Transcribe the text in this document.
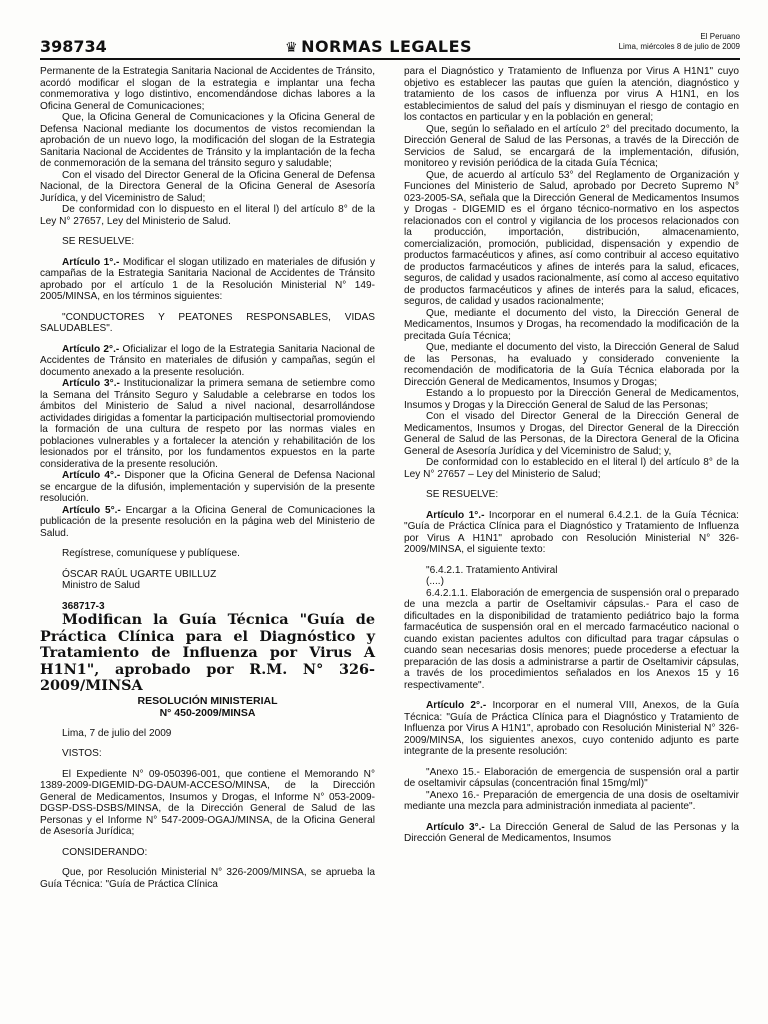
398734	♛ NORMAS LEGALES
El Peruano
Lima, miércoles 8 de julio de 2009

Permanente de la Estrategia Sanitaria Nacional de Accidentes de Tránsito, acordó modificar el slogan de la estrategia e implantar una fecha conmemorativa y logo distintivo, encomendándose dichas labores a la Oficina General de Comunicaciones;

Que, la Oficina General de Comunicaciones y la Oficina General de Defensa Nacional mediante los documentos de vistos recomiendan la aprobación de un nuevo logo, la modificación del slogan de la Estrategia Sanitaria Nacional de Accidentes de Tránsito y la implantación de la fecha de conmemoración de la semana del tránsito seguro y saludable;

Con el visado del Director General de la Oficina General de Defensa Nacional, de la Directora General de la Oficina General de Asesoría Jurídica, y del Viceministro de Salud;

De conformidad con lo dispuesto en el literal l) del artículo 8° de la Ley N° 27657, Ley del Ministerio de Salud.

SE RESUELVE:

Artículo 1°.- Modificar el slogan utilizado en materiales de difusión y campañas de la Estrategia Sanitaria Nacional de Accidentes de Tránsito aprobado por el artículo 1 de la Resolución Ministerial N° 149-2005/MINSA, en los términos siguientes:

"CONDUCTORES Y PEATONES RESPONSABLES, VIDAS SALUDABLES".

Artículo 2°.- Oficializar el logo de la Estrategia Sanitaria Nacional de Accidentes de Tránsito en materiales de difusión y campañas, según el documento anexado a la presente resolución.

Artículo 3°.- Institucionalizar la primera semana de setiembre como la Semana del Tránsito Seguro y Saludable a celebrarse en todos los ámbitos del Ministerio de Salud a nivel nacional, desarrollándose actividades dirigidas a fomentar la participación multisectorial promoviendo la formación de una cultura de respeto por las normas viales en poblaciones vulnerables y a fortalecer la atención y rehabilitación de los lesionados por el tránsito, por los fundamentos expuestos en la parte considerativa de la presente resolución.

Artículo 4°.- Disponer que la Oficina General de Defensa Nacional se encargue de la difusión, implementación y supervisión de la presente resolución.

Artículo 5°.- Encargar a la Oficina General de Comunicaciones la publicación de la presente resolución en la página web del Ministerio de Salud.

Regístrese, comuníquese y publíquese.

ÓSCAR RAÚL UGARTE UBILLUZ

Ministro de Salud

368717-3

Modifican la Guía Técnica "Guía de Práctica Clínica para el Diagnóstico y Tratamiento de Influenza por Virus A H1N1", aprobado por R.M. N° 326-2009/MINSA

RESOLUCIÓN MINISTERIAL

N° 450-2009/MINSA

Lima, 7 de julio del 2009

VISTOS:

El Expediente N° 09-050396-001, que contiene el Memorando N° 1389-2009-DIGEMID-DG-DAUM-ACCESO/MINSA, de la Dirección General de Medicamentos, Insumos y Drogas, el Informe N° 053-2009-DGSP-DSS-DSBS/MINSA, de la Dirección General de Salud de las Personas y el Informe N° 547-2009-OGAJ/MINSA, de la Oficina General de Asesoría Jurídica;

CONSIDERANDO:

Que, por Resolución Ministerial N° 326-2009/MINSA, se aprueba la Guía Técnica: "Guía de Práctica Clínica

para el Diagnóstico y Tratamiento de Influenza por Virus A H1N1" cuyo objetivo es establecer las pautas que guíen la atención, diagnóstico y tratamiento de los casos de influenza por virus A H1N1, en los establecimientos de salud del país y disminuyan el riesgo de contagio en los contactos en particular y en la población en general;

Que, según lo señalado en el artículo 2° del precitado documento, la Dirección General de Salud de las Personas, a través de la Dirección de Servicios de Salud, se encargará de la implementación, difusión, monitoreo y revisión periódica de la citada Guía Técnica;

Que, de acuerdo al artículo 53° del Reglamento de Organización y Funciones del Ministerio de Salud, aprobado por Decreto Supremo N° 023-2005-SA, señala que la Dirección General de Medicamentos Insumos y Drogas - DIGEMID es el órgano técnico-normativo en los aspectos relacionados con el control y vigilancia de los procesos relacionados con la producción, importación, distribución, almacenamiento, comercialización, promoción, publicidad, dispensación y expendio de productos farmacéuticos y afines, así como contribuir al acceso equitativo de productos farmacéuticos y afines de interés para la salud, eficaces, seguros, de calidad y usados racionalmente, así como al acceso equitativo de productos farmacéuticos y afines de interés para la salud, eficaces, seguros, de calidad y usados racionalmente;

Que, mediante el documento del visto, la Dirección General de Medicamentos, Insumos y Drogas, ha recomendado la modificación de la precitada Guía Técnica;

Que, mediante el documento del visto, la Dirección General de Salud de las Personas, ha evaluado y considerado conveniente la recomendación de modificatoria de la Guía Técnica elaborada por la Dirección General de Medicamentos, Insumos y Drogas;

Estando a lo propuesto por la Dirección General de Medicamentos, Insumos y Drogas y la Dirección General de Salud de las Personas;

Con el visado del Director General de la Dirección General de Medicamentos, Insumos y Drogas, del Director General de la Dirección General de Salud de las Personas, de la Directora General de la Oficina General de Asesoría Jurídica y del Viceministro de Salud; y,

De conformidad con lo establecido en el literal l) del artículo 8° de la Ley N° 27657 – Ley del Ministerio de Salud;

SE RESUELVE:

Artículo 1°.- Incorporar en el numeral 6.4.2.1. de la Guía Técnica: "Guía de Práctica Clínica para el Diagnóstico y Tratamiento de Influenza por Virus A H1N1" aprobado con Resolución Ministerial N° 326-2009/MINSA, el siguiente texto:

"6.4.2.1. Tratamiento Antiviral

(....)

6.4.2.1.1. Elaboración de emergencia de suspensión oral o preparado de una mezcla a partir de Oseltamivir cápsulas.- Para el caso de dificultades en la disponibilidad de tratamiento pediátrico bajo la forma farmacéutica de suspensión oral en el mercado farmacéutico nacional o cuando existan pacientes adultos con dificultad para tragar cápsulas o cuando sean necesarias dosis menores; puede procederse a efectuar la preparación de las dosis a administrarse a partir de Oseltamivir cápsulas, a través de los procedimientos señalados en los Anexos 15 y 16 respectivamente".

Artículo 2°.- Incorporar en el numeral VIII, Anexos, de la Guía Técnica: "Guía de Práctica Clínica para el Diagnóstico y Tratamiento de Influenza por Virus A H1N1", aprobado con Resolución Ministerial N° 326-2009/MINSA, los siguientes anexos, cuyo contenido adjunto es parte integrante de la presente resolución:

"Anexo 15.- Elaboración de emergencia de suspensión oral a partir de oseltamivir cápsulas (concentración final 15mg/ml)"

"Anexo 16.- Preparación de emergencia de una dosis de oseltamivir mediante una mezcla para administración inmediata al paciente".

Artículo 3°.- La Dirección General de Salud de las Personas y la Dirección General de Medicamentos, Insumos
